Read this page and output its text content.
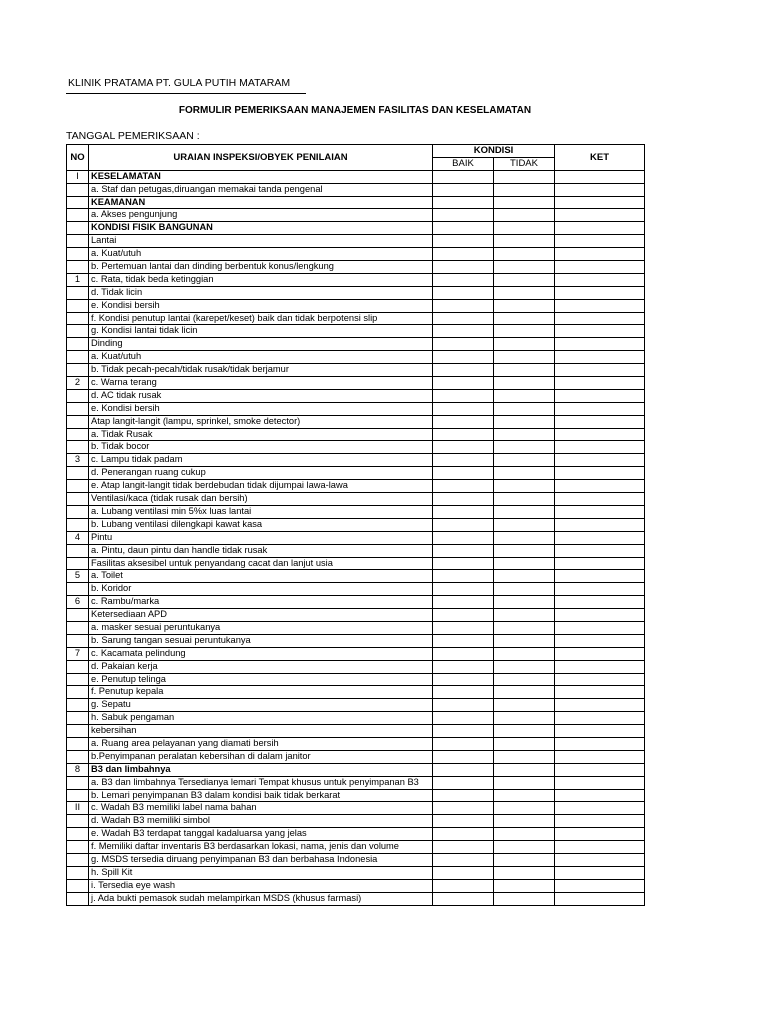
KLINIK PRATAMA PT. GULA PUTIH MATARAM
FORMULIR PEMERIKSAAN MANAJEMEN FASILITAS DAN KESELAMATAN
TANGGAL PEMERIKSAAN :
NO	URAIAN INSPEKSI/OBYEK PENILAIAN	KONDISI		KET
		BAIK	TIDAK	
I	KESELAMATAN			
	a. Staf dan petugas,diruangan memakai tanda pengenal			
	KEAMANAN			
	a. Akses pengunjung			
	KONDISI FISIK BANGUNAN			
	Lantai			
	a. Kuat/utuh			
	b. Pertemuan lantai dan dinding berbentuk konus/lengkung			
1	c. Rata, tidak beda ketinggian			
	d. Tidak licin			
	e. Kondisi bersih			
	f. Kondisi penutup lantai (karepet/keset) baik dan tidak berpotensi slip			
	g. Kondisi lantai tidak licin			
	Dinding			
	a. Kuat/utuh			
	b. Tidak pecah-pecah/tidak rusak/tidak berjamur			
2	c. Warna terang			
	d. AC tidak rusak			
	e. Kondisi bersih			
	Atap langit-langit (lampu, sprinkel, smoke detector)			
	a. Tidak Rusak			
	b. Tidak bocor			
3	c. Lampu tidak padam			
	d. Penerangan ruang cukup			
	e. Atap langit-langit tidak berdebudan tidak dijumpai lawa-lawa			
	Ventilasi/kaca (tidak rusak dan bersih)			
	a. Lubang ventilasi min 5%x luas lantai			
	b. Lubang ventilasi dilengkapi kawat kasa			
4	Pintu			
	a. Pintu, daun pintu dan handle tidak rusak			
	Fasilitas aksesibel untuk penyandang cacat dan lanjut usia			
5	a. Toilet			
	b. Koridor			
6	c. Rambu/marka			
	Ketersediaan APD			
	a. masker sesuai peruntukanya			
	b. Sarung tangan sesuai peruntukanya			
7	c. Kacamata pelindung			
	d. Pakaian kerja			
	e. Penutup telinga			
	f. Penutup kepala			
	g. Sepatu			
	h. Sabuk pengaman			
	kebersihan			
	a. Ruang area pelayanan yang diamati bersih			
	b.Penyimpanan peralatan kebersihan di dalam janitor			
8	B3 dan limbahnya			
	a. B3 dan limbahnya Tersedianya lemari Tempat khusus untuk penyimpanan B3			
	b. Lemari penyimpanan B3 dalam kondisi baik tidak berkarat			
II	c. Wadah B3 memiliki label nama bahan			
	d. Wadah B3 memiliki simbol			
	e. Wadah B3 terdapat tanggal kadaluarsa yang jelas			
	f. Memiliki daftar inventaris B3 berdasarkan lokasi, nama, jenis dan volume			
	g. MSDS tersedia diruang penyimpanan B3 dan berbahasa Indonesia			
	h. Spill Kit			
	i. Tersedia eye wash			
	j. Ada bukti pemasok sudah melampirkan MSDS (khusus farmasi)			
